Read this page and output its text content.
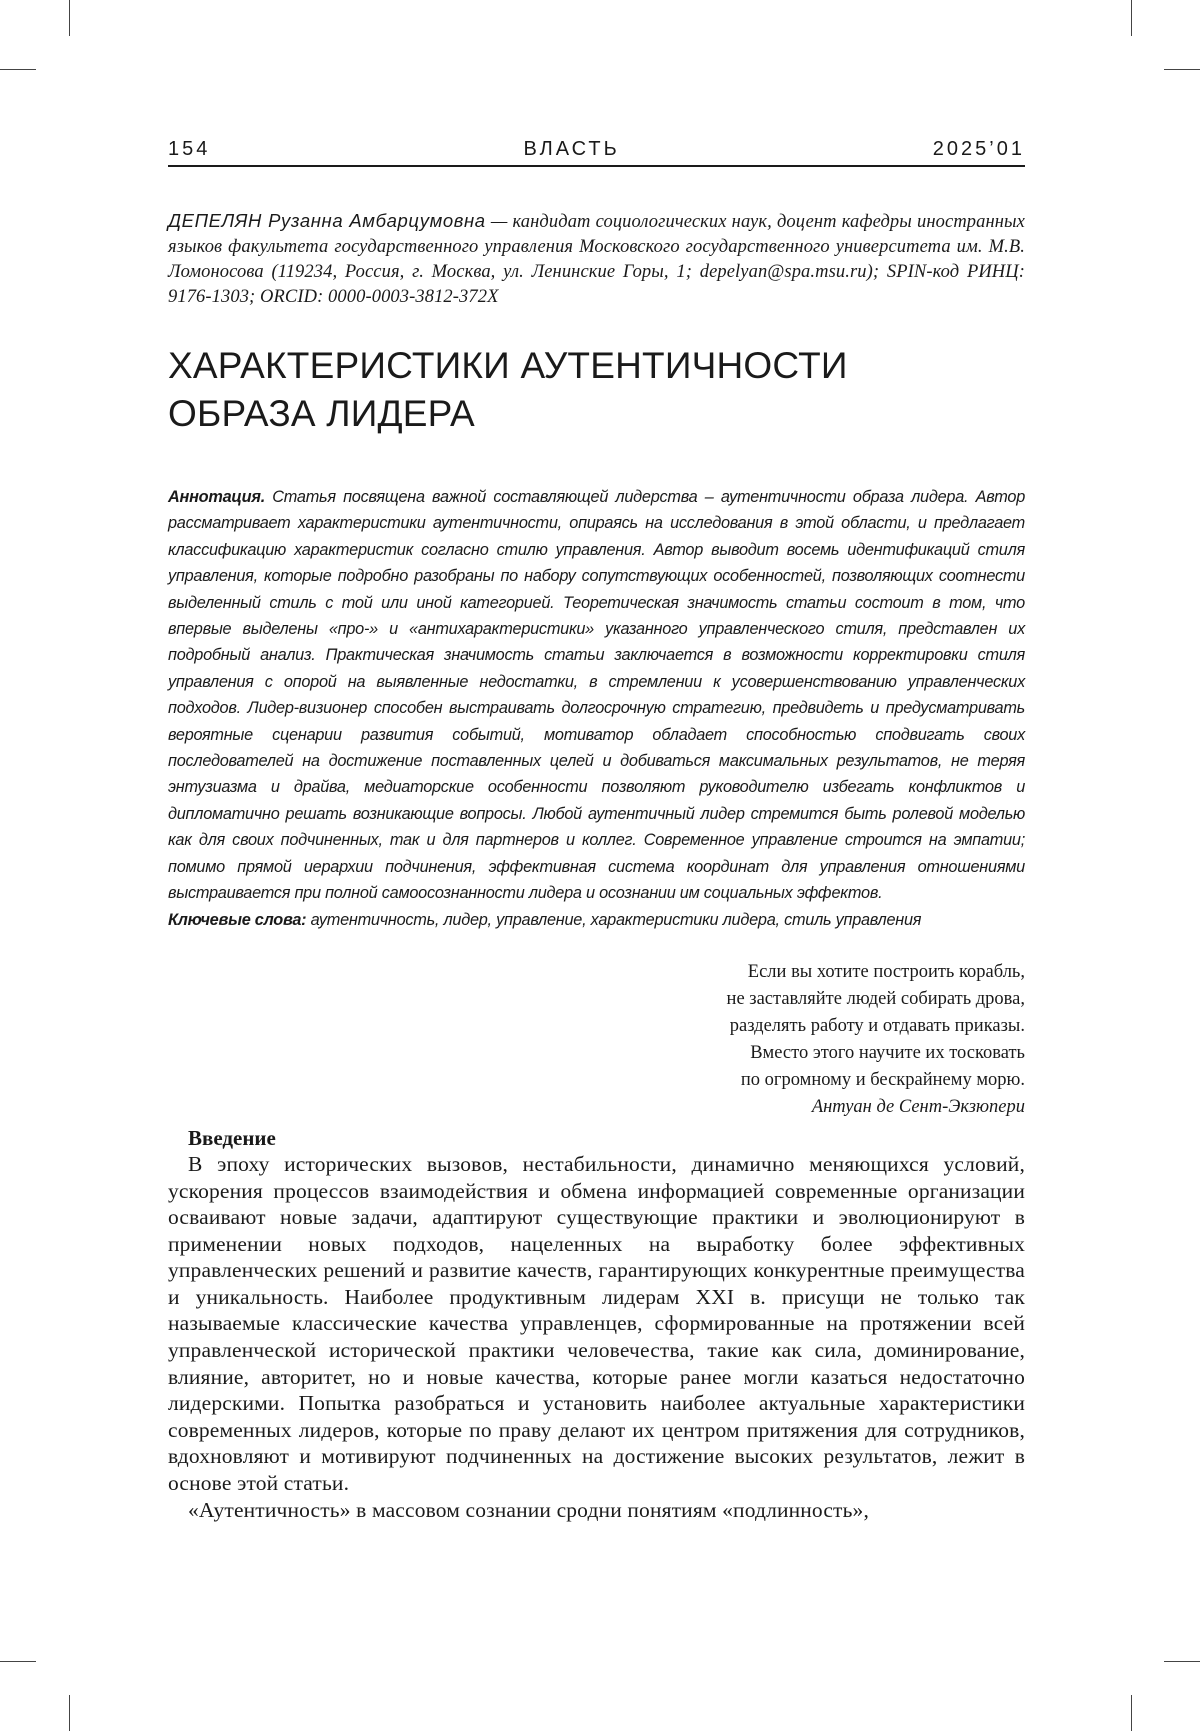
154	ВЛАСТЬ	2025’01
ДЕПЕЛЯН Рузанна Амбарцумовна — кандидат социологических наук, доцент кафедры иностранных языков факультета государственного управления Московского государственного университета им. М.В. Ломоносова (119234, Россия, г. Москва, ул. Ленинские Горы, 1; depelyan@spa.msu.ru); SPIN-код РИНЦ: 9176-1303; ORCID: 0000-0003-3812-372X
ХАРАКТЕРИСТИКИ АУТЕНТИЧНОСТИ
ОБРАЗА ЛИДЕРА
Аннотация. Статья посвящена важной составляющей лидерства – аутентичности образа лидера. Автор рассматривает характеристики аутентичности, опираясь на исследования в этой области, и предлагает классификацию характеристик согласно стилю управления. Автор выводит восемь идентификаций стиля управления, которые подробно разобраны по набору сопутствующих особенностей, позволяющих соотнести выделенный стиль с той или иной категорией. Теоретическая значимость статьи состоит в том, что впервые выделены «про-» и «антихарактеристики» указанного управленческого стиля, представлен их подробный анализ. Практическая значимость статьи заключается в возможности корректировки стиля управления с опорой на выявленные недостатки, в стремлении к усовершенствованию управленческих подходов. Лидер-визионер способен выстраивать долгосрочную стратегию, предвидеть и предусматривать вероятные сценарии развития событий, мотиватор обладает способностью сподвигать своих последователей на достижение поставленных целей и добиваться максимальных результатов, не теряя энтузиазма и драйва, медиаторские особенности позволяют руководителю избегать конфликтов и дипломатично решать возникающие вопросы. Любой аутентичный лидер стремится быть ролевой моделью как для своих подчиненных, так и для партнеров и коллег. Современное управление строится на эмпатии; помимо прямой иерархии подчинения, эффективная система координат для управления отношениями выстраивается при полной самоосознанности лидера и осознании им социальных эффектов.
Ключевые слова: аутентичность, лидер, управление, характеристики лидера, стиль управления
Если вы хотите построить корабль,
не заставляйте людей собирать дрова,
разделять работу и отдавать приказы.
Вместо этого научите их тосковать
по огромному и бескрайнему морю.
Антуан де Сент-Экзюпери
Введение

В эпоху исторических вызовов, нестабильности, динамично меняющихся условий, ускорения процессов взаимодействия и обмена информацией современные организации осваивают новые задачи, адаптируют существующие практики и эволюционируют в применении новых подходов, нацеленных на выработку более эффективных управленческих решений и развитие качеств, гарантирующих конкурентные преимущества и уникальность. Наиболее продуктивным лидерам XXI в. присущи не только так называемые классические качества управленцев, сформированные на протяжении всей управленческой исторической практики человечества, такие как сила, доминирование, влияние, авторитет, но и новые качества, которые ранее могли казаться недостаточно лидерскими. Попытка разобраться и установить наиболее актуальные характеристики современных лидеров, которые по праву делают их центром притяжения для сотрудников, вдохновляют и мотивируют подчиненных на достижение высоких результатов, лежит в основе этой статьи.

«Аутентичность» в массовом сознании сродни понятиям «подлинность»,
